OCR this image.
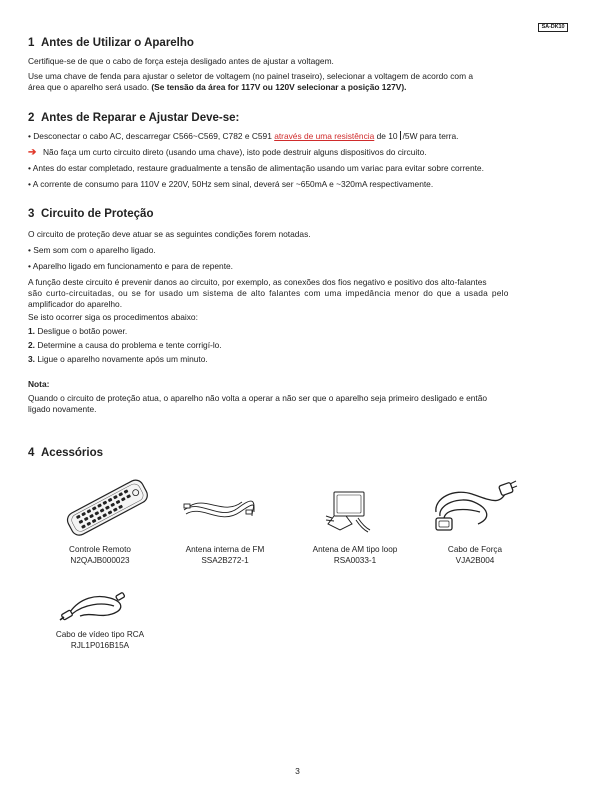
SA-DK10
1 Antes de Utilizar o Aparelho

Certifique-se de que o cabo de força esteja desligado antes de ajustar a voltagem.

Use uma chave de fenda para ajustar o seletor de voltagem (no painel traseiro), selecionar a voltagem de acordo com a

área que o aparelho será usado. (Se tensão da área for 117V ou 120V selecionar a posição 127V).

2 Antes de Reparar e Ajustar Deve-se:

• Desconectar o cabo AC, descarregar C566~C569, C782 e C591 através de uma resistência de 10 /5W para terra.

➔ Não faça um curto circuito direto (usando uma chave), isto pode destruir alguns dispositivos do circuito.

• Antes do estar completado, restaure gradualmente a tensão de alimentação usando um variac para evitar sobre corrente.

• A corrente de consumo para 110V e 220V, 50Hz sem sinal, deverá ser ~650mA e ~320mA respectivamente.

3 Circuito de Proteção

O circuito de proteção deve atuar se as seguintes condições forem notadas.

• Sem som com o aparelho ligado.

• Aparelho ligado em funcionamento e para de repente.

A função deste circuito é prevenir danos ao circuito, por exemplo, as conexões dos fios negativo e positivo dos alto-falantes

são curto-circuitadas, ou se for usado um sistema de alto falantes com uma impedância menor do que a usada pelo

amplificador do aparelho.

Se isto ocorrer siga os procedimentos abaixo:

1. Desligue o botão power.

2. Determine a causa do problema e tente corrigí-lo.

3. Ligue o aparelho novamente após um minuto.

Nota:

Quando o circuito de proteção atua, o aparelho não volta a operar a não ser que o aparelho seja primeiro desligado e então

ligado novamente.

4 Acessórios
Controle Remoto
N2QAJB000023
Antena interna de FM
SSA2B272-1
Antena de AM tipo loop
RSA0033-1
Cabo de Força
VJA2B004
Cabo de vídeo tipo RCA
RJL1P016B15A
3
